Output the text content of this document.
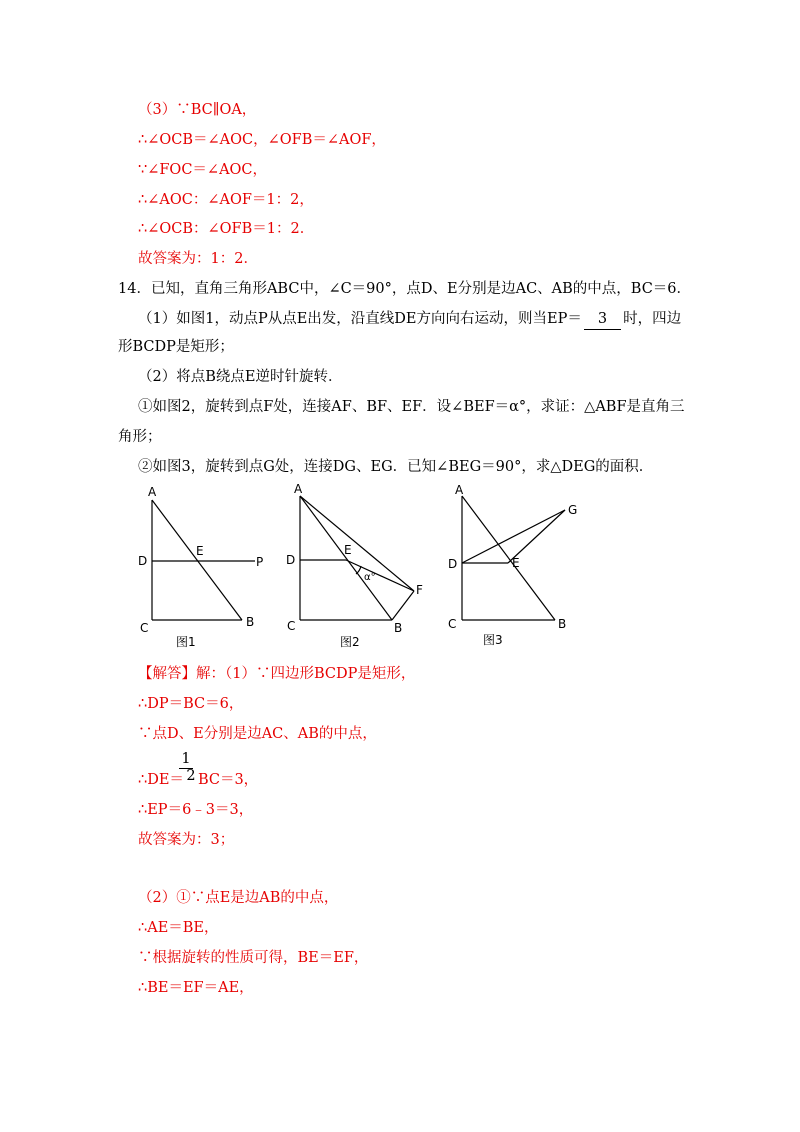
（3）∵BC∥OA，
∴∠OCB＝∠AOC，∠OFB＝∠AOF，
∵∠FOC＝∠AOC，
∴∠AOC：∠AOF＝1：2，
∴∠OCB：∠OFB＝1：2．
故答案为：1：2．
14．已知，直角三角形ABC中，∠C＝90°，点D、E分别是边AC、AB的中点，BC＝6．
（1）如图1，动点P从点E出发，沿直线DE方向向右运动，则当EP＝ 3 时，四边
形BCDP是矩形；
（2）将点B绕点E逆时针旋转．
①如图2，旋转到点F处，连接AF、BF、EF．设∠BEF＝α°，求证：△ABF是直角三
角形；
②如图3，旋转到点G处，连接DG、EG．已知∠BEG＝90°，求△DEG的面积．
A
D
E
P
C	B
图1
A
D
E
F
C	B
α°
图2
A
D	E
G
C	B
图3
【解答】解：（1）∵四边形BCDP是矩形，
∴DP＝BC＝6，
∵点D、E分别是边AC、AB的中点，
1
∴DE＝ 2 BC＝3，
∴EP＝6﹣3＝3，
故答案为：3；
（2）①∵点E是边AB的中点，
∴AE＝BE，
∵根据旋转的性质可得，BE＝EF，
∴BE＝EF＝AE，
